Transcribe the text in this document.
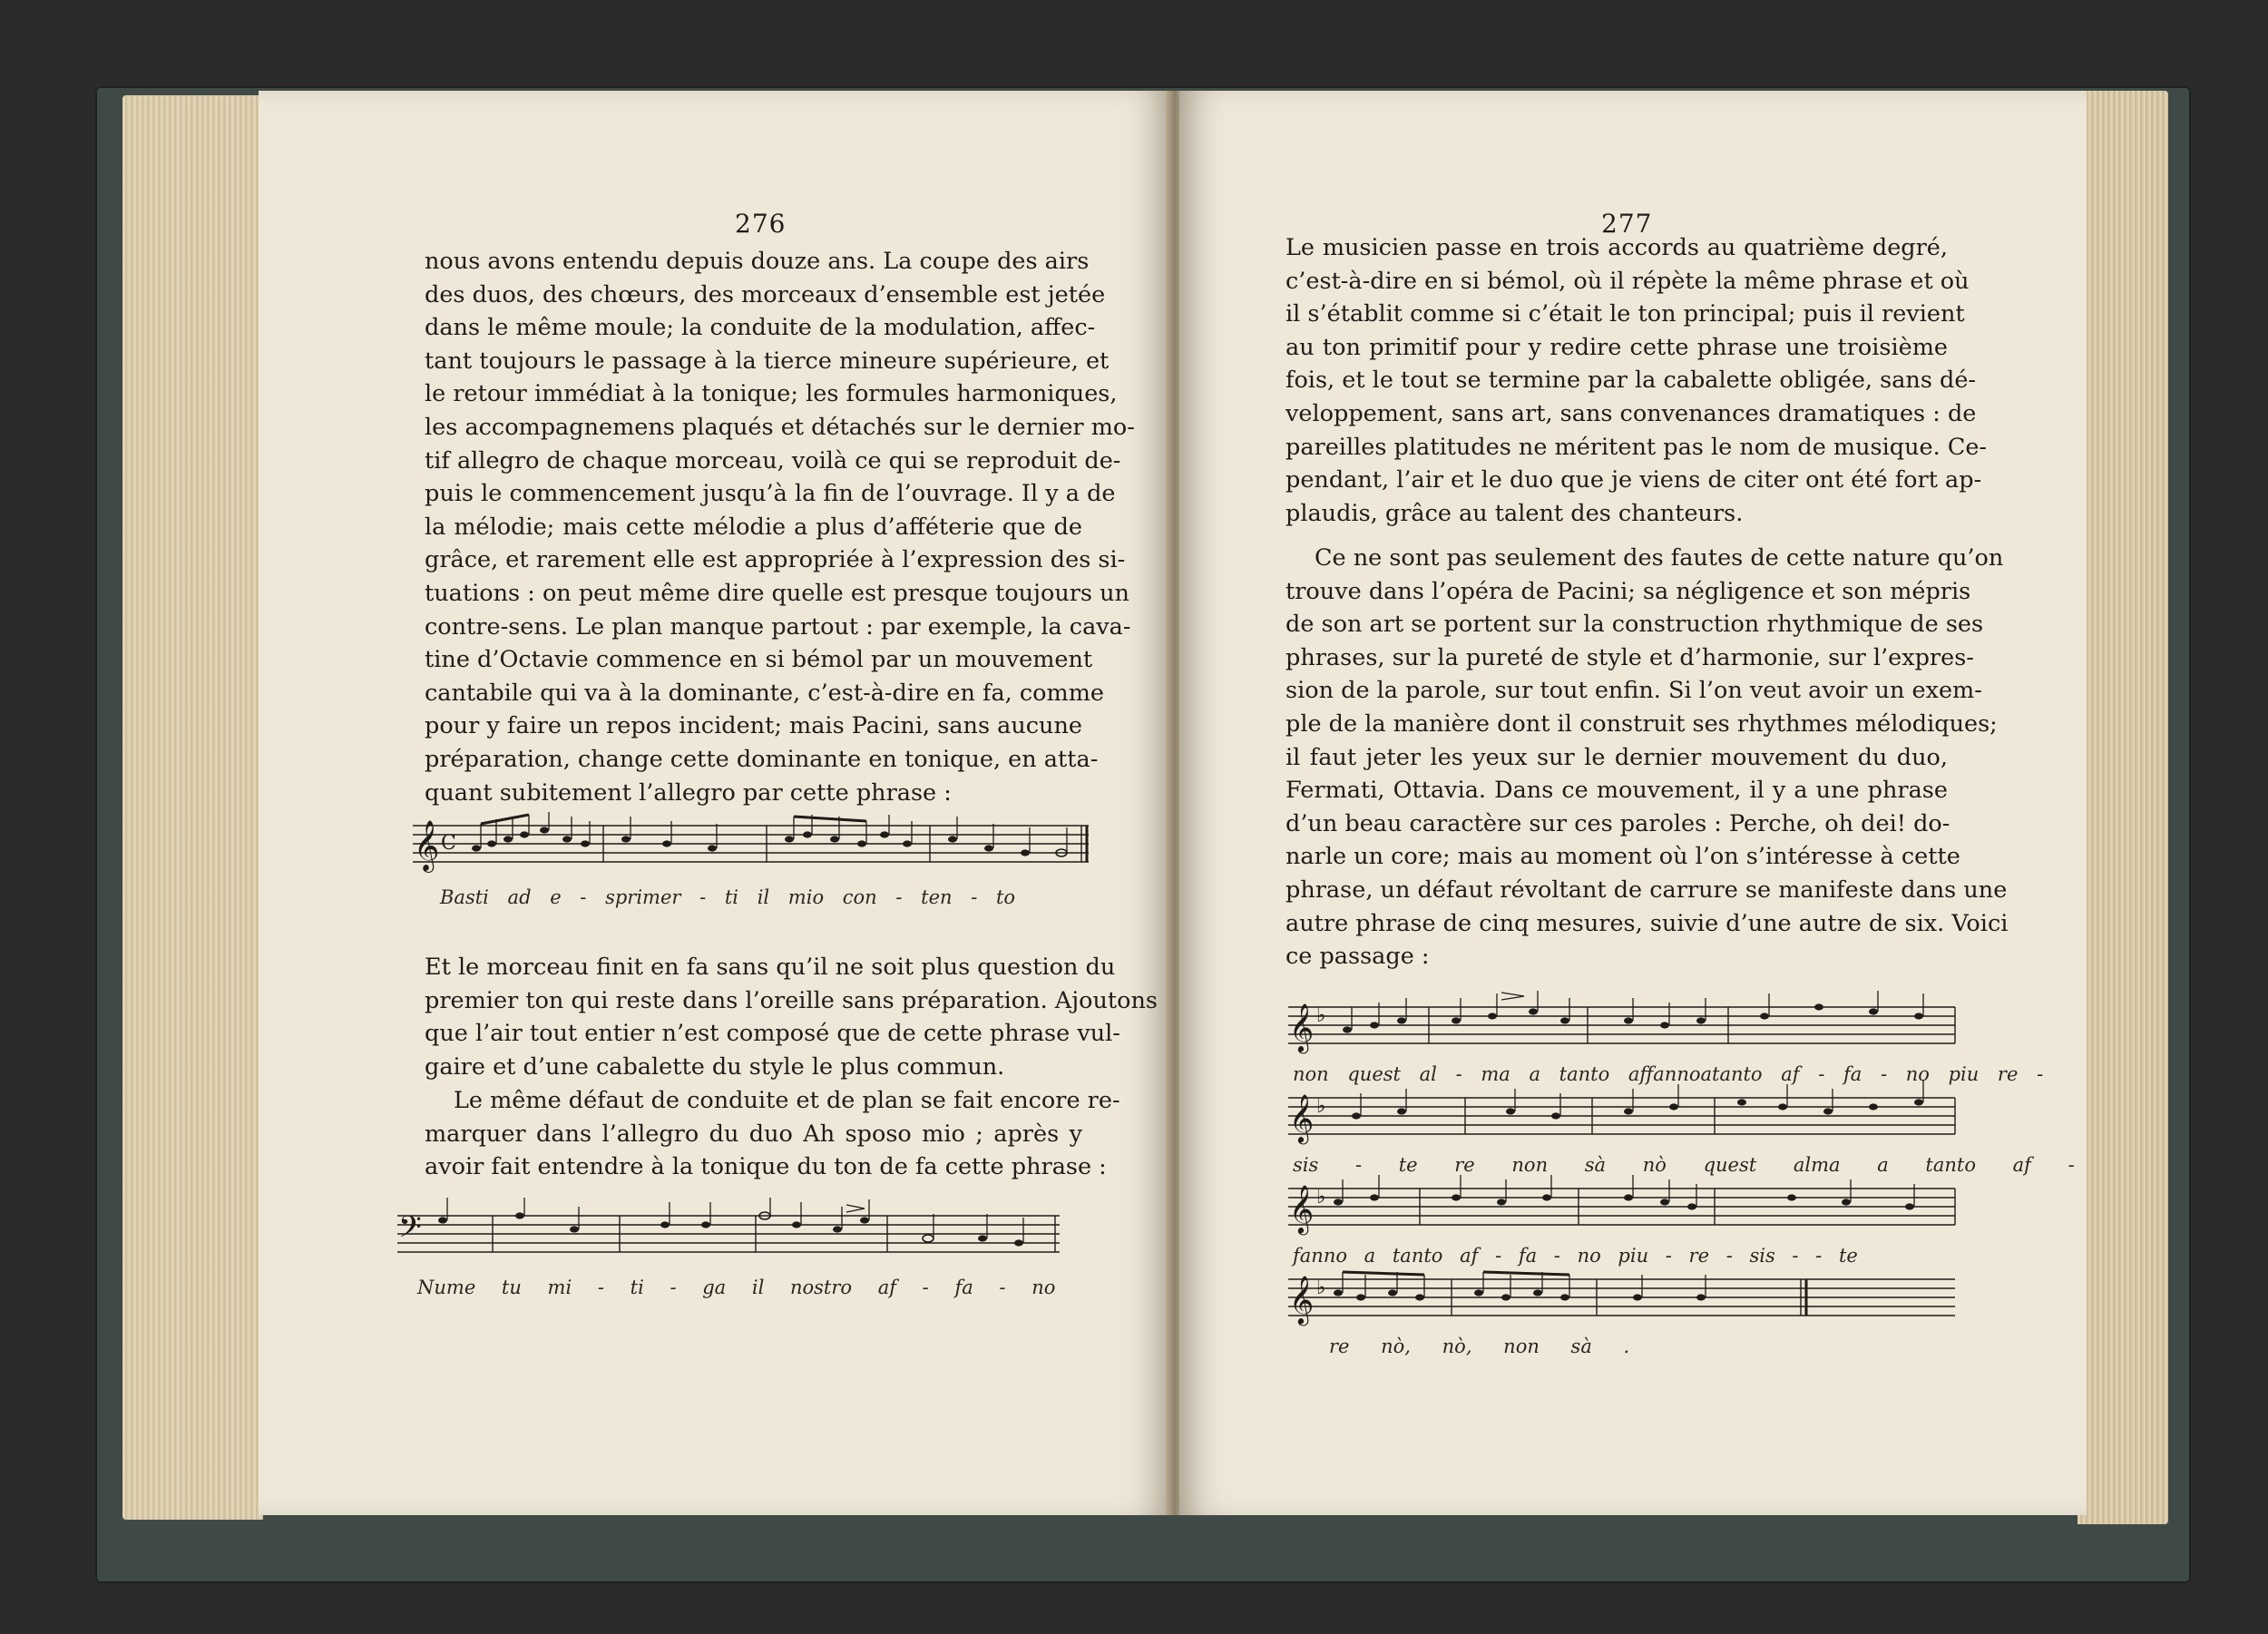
276
nous avons entendu depuis douze ans. La coupe des airs
des duos, des chœurs, des morceaux d’ensemble est jetée
dans le même moule; la conduite de la modulation, affec-
tant toujours le passage à la tierce mineure supérieure, et
le retour immédiat à la tonique; les formules harmoniques,
les accompagnemens plaqués et détachés sur le dernier mo-
tif allegro de chaque morceau, voilà ce qui se reproduit de-
puis le commencement jusqu’à la fin de l’ouvrage. Il y a de
la mélodie; mais cette mélodie a plus d’afféterie que de
grâce, et rarement elle est appropriée à l’expression des si-
tuations : on peut même dire quelle est presque toujours un
contre-sens. Le plan manque partout : par exemple, la cava-
tine d’Octavie commence en si bémol par un mouvement
cantabile qui va à la dominante, c’est-à-dire en fa, comme
pour y faire un repos incident; mais Pacini, sans aucune
préparation, change cette dominante en tonique, en atta-
quant subitement l’allegro par cette phrase :
𝄞 C
Basti ad e - sprimer - ti il mio con - ten - to
Et le morceau finit en fa sans qu’il ne soit plus question du
premier ton qui reste dans l’oreille sans préparation. Ajoutons
que l’air tout entier n’est composé que de cette phrase vul-
gaire et d’une cabalette du style le plus commun.
Le même défaut de conduite et de plan se fait encore re-
marquer dans l’allegro du duo Ah sposo mio ; après y
avoir fait entendre à la tonique du ton de fa cette phrase :
𝄢
Nume tu mi - ti - ga il nostro af - fa - no
277
Le musicien passe en trois accords au quatrième degré,
c’est-à-dire en si bémol, où il répète la même phrase et où
il s’établit comme si c’était le ton principal; puis il revient
au ton primitif pour y redire cette phrase une troisième
fois, et le tout se termine par la cabalette obligée, sans dé-
veloppement, sans art, sans convenances dramatiques : de
pareilles platitudes ne méritent pas le nom de musique. Ce-
pendant, l’air et le duo que je viens de citer ont été fort ap-
plaudis, grâce au talent des chanteurs.
Ce ne sont pas seulement des fautes de cette nature qu’on
trouve dans l’opéra de Pacini; sa négligence et son mépris
de son art se portent sur la construction rhythmique de ses
phrases, sur la pureté de style et d’harmonie, sur l’expres-
sion de la parole, sur tout enfin. Si l’on veut avoir un exem-
ple de la manière dont il construit ses rhythmes mélodiques;
il faut jeter les yeux sur le dernier mouvement du duo,
Fermati, Ottavia. Dans ce mouvement, il y a une phrase
d’un beau caractère sur ces paroles : Perche, oh dei! do-
narle un core; mais au moment où l’on s’intéresse à cette
phrase, un défaut révoltant de carrure se manifeste dans une
autre phrase de cinq mesures, suivie d’une autre de six. Voici
ce passage :
𝄞
𝄞
𝄞
𝄞
♭
♭
♭
♭
non quest al - ma a tanto affannoatanto af - fa - no piu re -
sis - te re non sà nò quest alma a tanto af -
fanno a tanto af - fa - no piu - re - sis - - te
re nò, nò, non sà .
